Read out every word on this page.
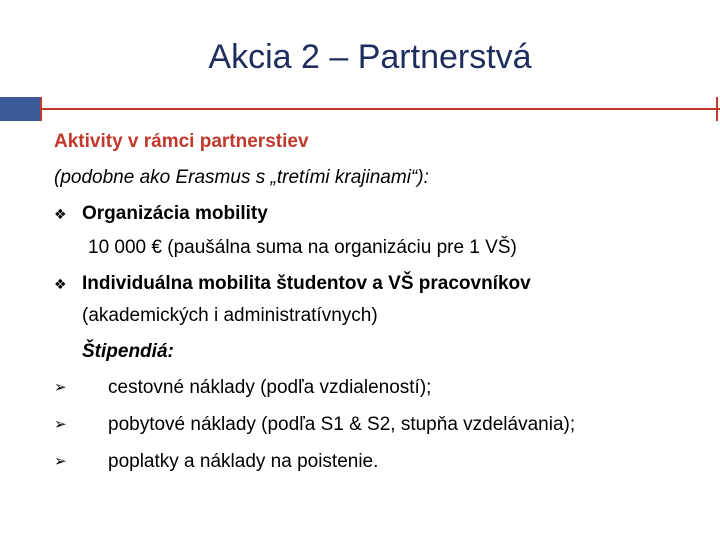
Akcia 2 – Partnerstvá
Aktivity v rámci partnerstiev
(podobne ako Erasmus s „tretími krajinami“):
❖ Organizácia mobility
10 000 € (paušálna suma na organizáciu pre 1 VŠ)
❖ Individuálna mobilita študentov a VŠ pracovníkov
(akademických i administratívnych)
Štipendiá:
➢ cestovné náklady (podľa vzdialeností);
➢ pobytové náklady (podľa S1 & S2, stupňa vzdelávania);
➢ poplatky a náklady na poistenie.
